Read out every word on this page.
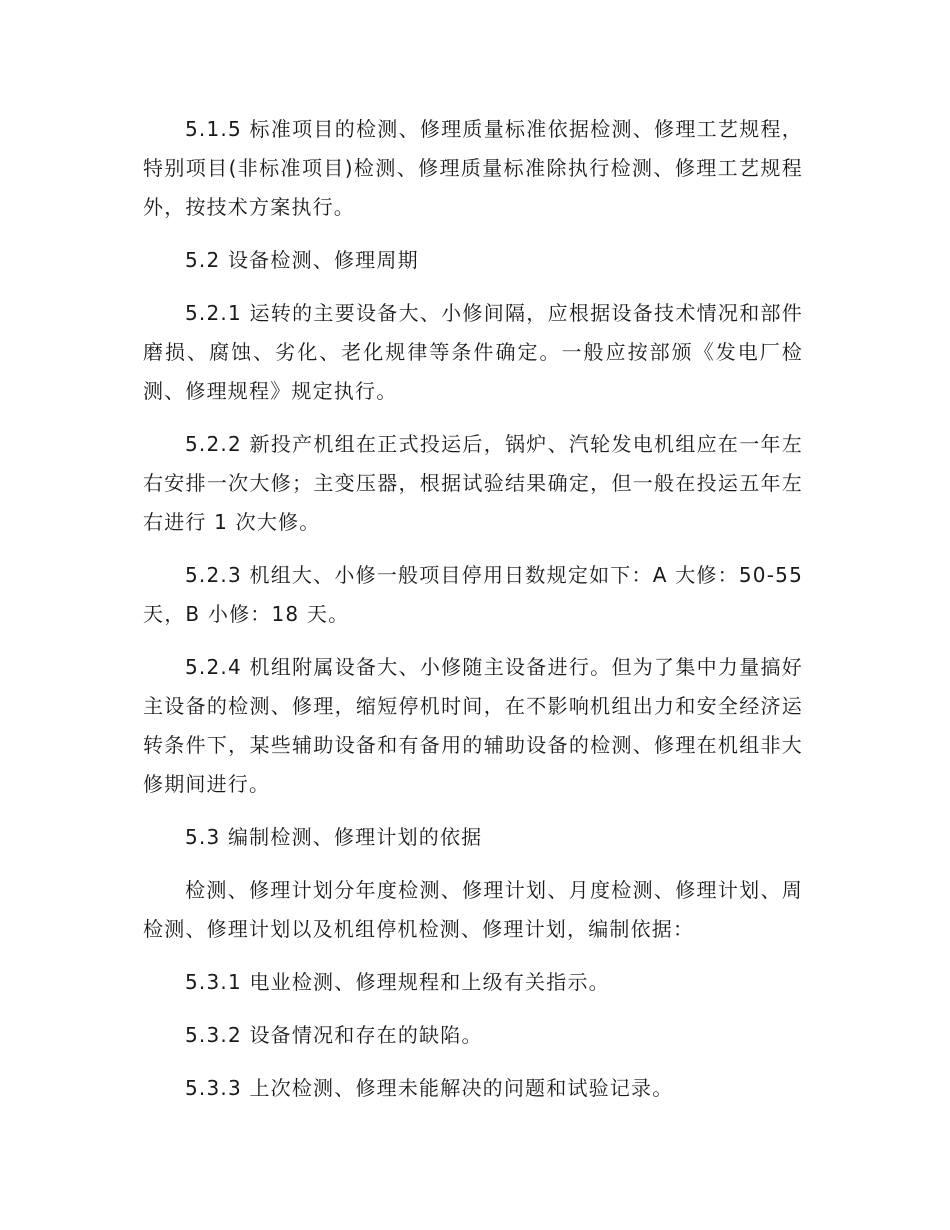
5.1.5 标准项目的检测、修理质量标准依据检测、修理工艺规程，特别项目(非标准项目)检测、修理质量标准除执行检测、修理工艺规程外，按技术方案执行。

5.2 设备检测、修理周期

5.2.1 运转的主要设备大、小修间隔，应根据设备技术情况和部件磨损、腐蚀、劣化、老化规律等条件确定。一般应按部颁《发电厂检测、修理规程》规定执行。

5.2.2 新投产机组在正式投运后，锅炉、汽轮发电机组应在一年左右安排一次大修；主变压器，根据试验结果确定，但一般在投运五年左右进行 1 次大修。

5.2.3 机组大、小修一般项目停用日数规定如下：A 大修：50-55 天，B 小修：18 天。

5.2.4 机组附属设备大、小修随主设备进行。但为了集中力量搞好主设备的检测、修理，缩短停机时间，在不影响机组出力和安全经济运转条件下，某些辅助设备和有备用的辅助设备的检测、修理在机组非大修期间进行。

5.3 编制检测、修理计划的依据

检测、修理计划分年度检测、修理计划、月度检测、修理计划、周检测、修理计划以及机组停机检测、修理计划，编制依据：

5.3.1 电业检测、修理规程和上级有关指示。

5.3.2 设备情况和存在的缺陷。

5.3.3 上次检测、修理未能解决的问题和试验记录。
